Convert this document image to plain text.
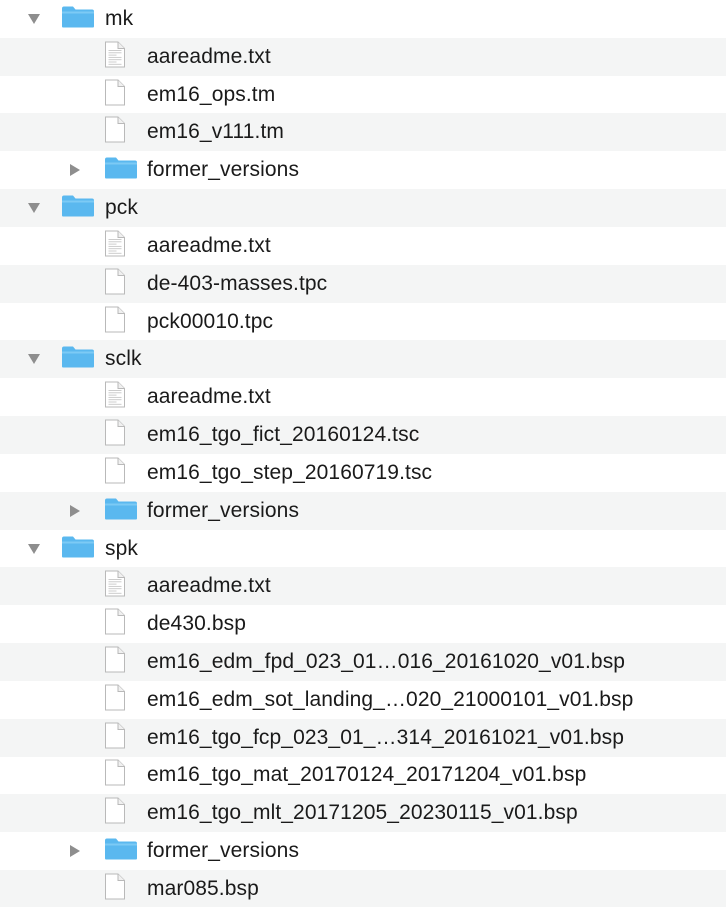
mk
aareadme.txt
em16_ops.tm
em16_v111.tm
former_versions
pck
aareadme.txt
de-403-masses.tpc
pck00010.tpc
sclk
aareadme.txt
em16_tgo_fict_20160124.tsc
em16_tgo_step_20160719.tsc
former_versions
spk
aareadme.txt
de430.bsp
em16_edm_fpd_023_01…016_20161020_v01.bsp
em16_edm_sot_landing_…020_21000101_v01.bsp
em16_tgo_fcp_023_01_…314_20161021_v01.bsp
em16_tgo_mat_20170124_20171204_v01.bsp
em16_tgo_mlt_20171205_20230115_v01.bsp
former_versions
mar085.bsp
